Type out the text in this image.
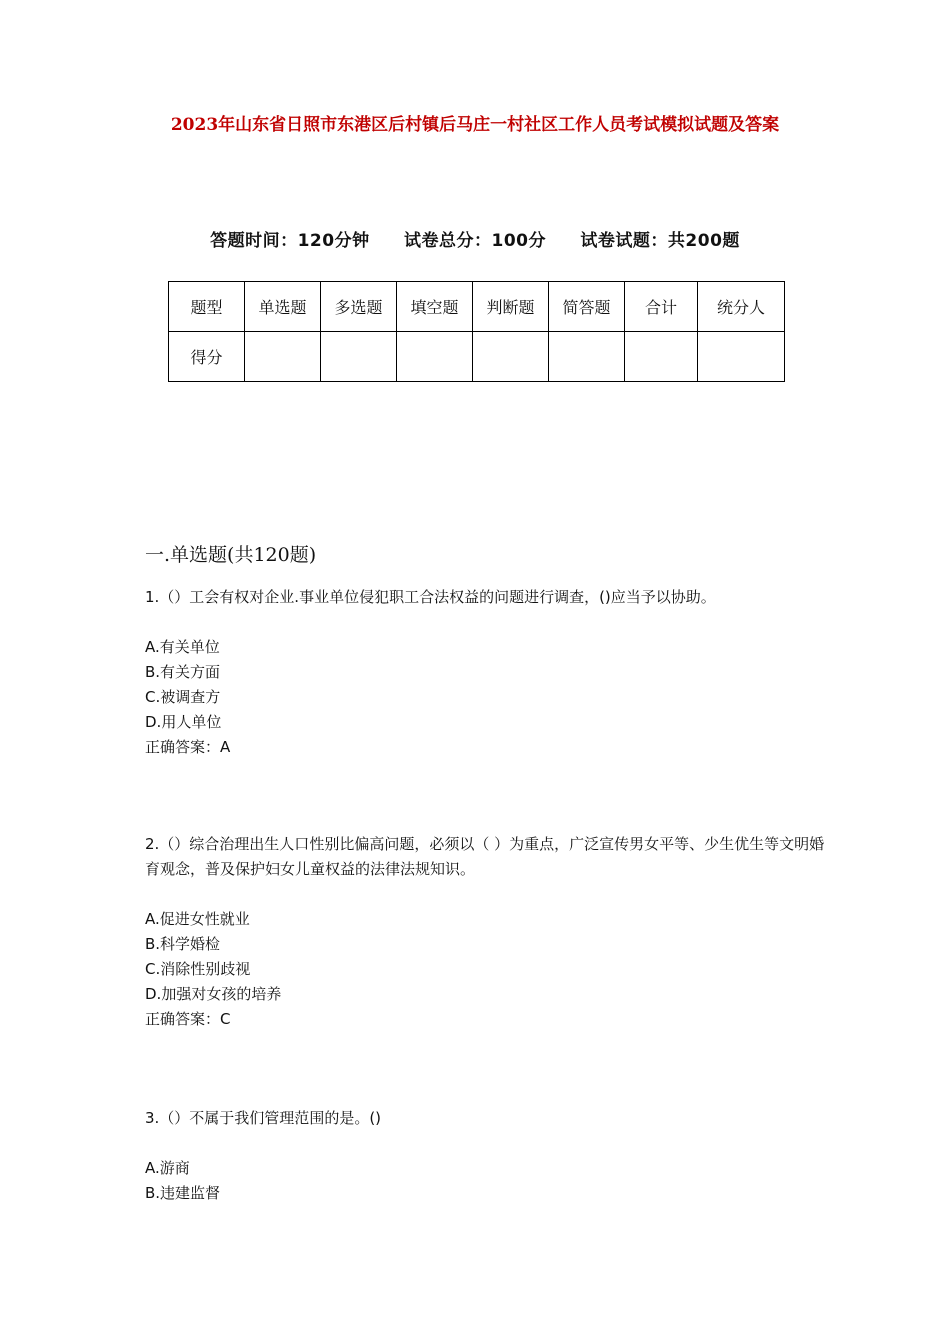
2023年山东省日照市东港区后村镇后马庄一村社区工作人员考试模拟试题及答案
答题时间：120分钟 试卷总分：100分 试卷试题：共200题
题型	单选题	多选题	填空题	判断题	简答题	合计	统分人
得分							
一.单选题(共120题)

1.（）工会有权对企业.事业单位侵犯职工合法权益的问题进行调查，()应当予以协助。

A.有关单位

B.有关方面

C.被调查方

D.用人单位

正确答案：A

2.（）综合治理出生人口性别比偏高问题，必须以（ ）为重点，广泛宣传男女平等、少生优生等文明婚育观念，普及保护妇女儿童权益的法律法规知识。

A.促进女性就业

B.科学婚检

C.消除性别歧视

D.加强对女孩的培养

正确答案：C

3.（）不属于我们管理范围的是。()

A.游商

B.违建监督
